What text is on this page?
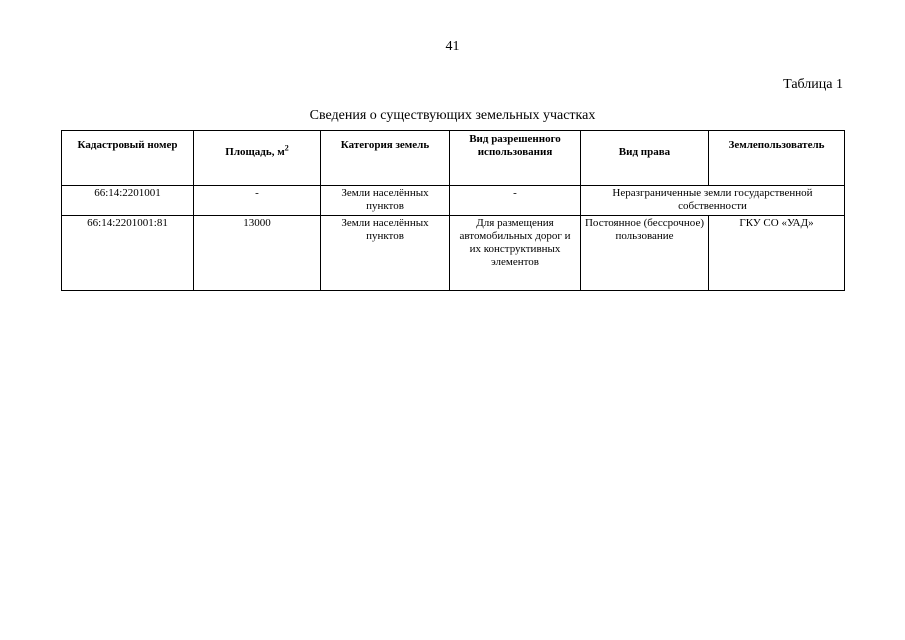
41
Таблица 1
Сведения о существующих земельных участках
Кадастровый номер	Площадь, $м^2$	Категория земель	Вид разрешенного использования	Вид права	Землепользователь
66:14:2201001	-	Земли населённых пунктов	-	Неразграниченные земли государственной собственности	
66:14:2201001:81	13000	Земли населённых пунктов	Для размещения автомобильных дорог и их конструктивных элементов	Постоянное (бессрочное) пользование	ГКУ СО «УАД»
